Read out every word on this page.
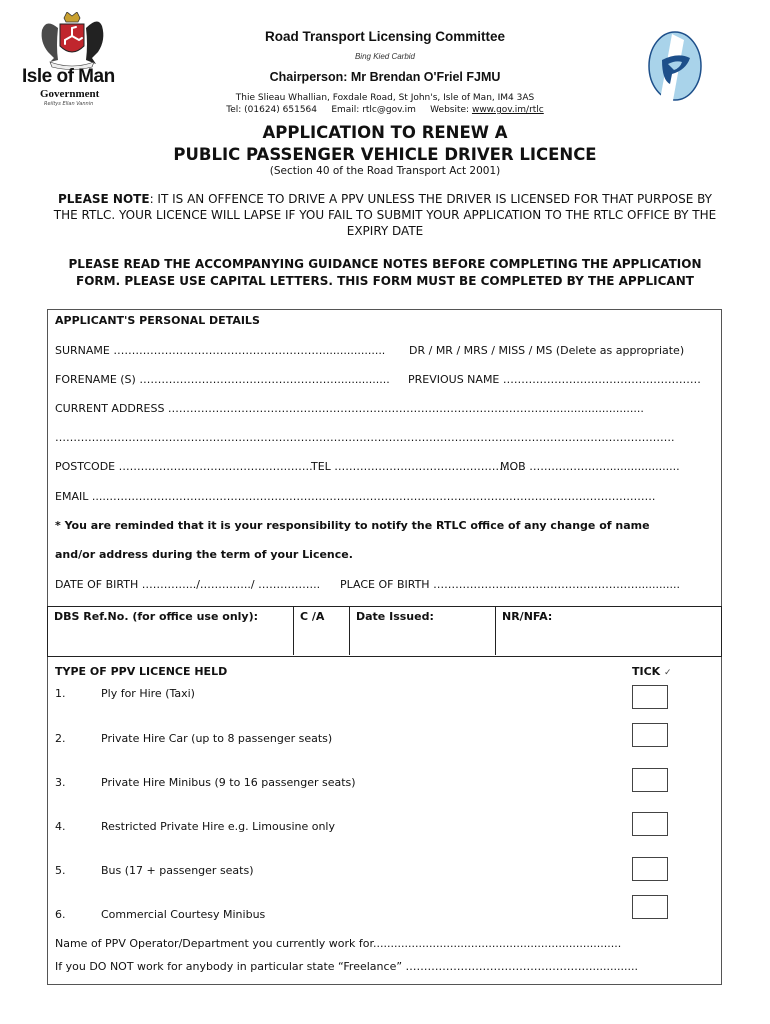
Isle of Man
Government
Reiltys Ellan Vannin
Road Transport Licensing Committee
Bing Kied Carbid
Chairperson: Mr Brendan O'Friel FJMU
Thie Slieau Whallian, Foxdale Road, St John's, Isle of Man, IM4 3AS
Tel: (01624) 651564 Email: rtlc@gov.im Website: www.gov.im/rtlc
APPLICATION TO RENEW A
PUBLIC PASSENGER VEHICLE DRIVER LICENCE
(Section 40 of the Road Transport Act 2001)
PLEASE NOTE: IT IS AN OFFENCE TO DRIVE A PPV UNLESS THE DRIVER IS LICENSED FOR THAT PURPOSE BY THE RTLC. YOUR LICENCE WILL LAPSE IF YOU FAIL TO SUBMIT YOUR APPLICATION TO THE RTLC OFFICE BY THE EXPIRY DATE
PLEASE READ THE ACCOMPANYING GUIDANCE NOTES BEFORE COMPLETING THE APPLICATION FORM. PLEASE USE CAPITAL LETTERS. THIS FORM MUST BE COMPLETED BY THE APPLICANT
APPLICANT'S PERSONAL DETAILS
SURNAME ………………………………………………….................. DR / MR / MRS / MISS / MS (Delete as appropriate)
FORENAME (S) ………………………………………………............... PREVIOUS NAME ………………………………………………
CURRENT ADDRESS ……………………………………………………………………………………………..........................
…………………………………………………………………………………………………………………………………………………….
POSTCODE ……………………………………….…….
TEL ……………………………….………….
MOB ………………….....................
EMAIL .....…………………………………………………………………………………………………………………………….…….
* You are reminded that it is your responsibility to notify the RTLC office of any change of name
and/or address during the term of your Licence.
DATE OF BIRTH ………….../…………../ …………….. PLACE OF BIRTH …………………..……………………………............
DBS Ref.No. (for office use only):	C /A	Date Issued:	NR/NFA:
TYPE OF PPV LICENCE HELD	TICK ✓
1.	Ply for Hire (Taxi)
2.	Private Hire Car (up to 8 passenger seats)
3.	Private Hire Minibus (9 to 16 passenger seats)
4.	Restricted Private Hire e.g. Limousine only
5.	Bus (17 + passenger seats)
6.	Commercial Courtesy Minibus
Name of PPV Operator/Department you currently work for.......................................................................
If you DO NOT work for anybody in particular state “Freelance” …………………………………………….............
